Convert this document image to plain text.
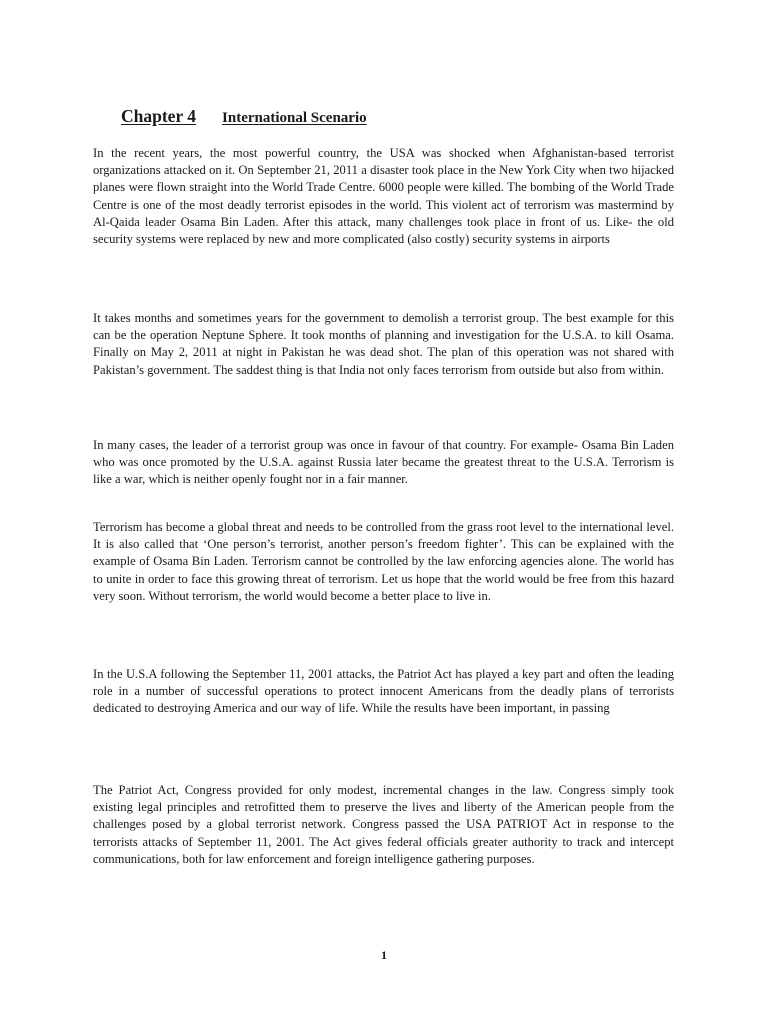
Chapter 4 International Scenario

In the recent years, the most powerful country, the USA was shocked when Afghanistan-based terrorist organizations attacked on it. On September 21, 2011 a disaster took place in the New York City when two hijacked planes were flown straight into the World Trade Centre. 6000 people were killed. The bombing of the World Trade Centre is one of the most deadly terrorist episodes in the world. This violent act of terrorism was mastermind by Al-Qaida leader Osama Bin Laden. After this attack, many challenges took place in front of us. Like- the old security systems were replaced by new and more complicated (also costly) security systems in airports

It takes months and sometimes years for the government to demolish a terrorist group. The best example for this can be the operation Neptune Sphere. It took months of planning and investigation for the U.S.A. to kill Osama. Finally on May 2, 2011 at night in Pakistan he was dead shot. The plan of this operation was not shared with Pakistan’s government. The saddest thing is that India not only faces terrorism from outside but also from within.

In many cases, the leader of a terrorist group was once in favour of that country. For example- Osama Bin Laden who was once promoted by the U.S.A. against Russia later became the greatest threat to the U.S.A. Terrorism is like a war, which is neither openly fought nor in a fair manner.

Terrorism has become a global threat and needs to be controlled from the grass root level to the international level. It is also called that ‘One person’s terrorist, another person’s freedom fighter’. This can be explained with the example of Osama Bin Laden. Terrorism cannot be controlled by the law enforcing agencies alone. The world has to unite in order to face this growing threat of terrorism. Let us hope that the world would be free from this hazard very soon. Without terrorism, the world would become a better place to live in.

In the U.S.A following the September 11, 2001 attacks, the Patriot Act has played a key part and often the leading role in a number of successful operations to protect innocent Americans from the deadly plans of terrorists dedicated to destroying America and our way of life. While the results have been important, in passing

The Patriot Act, Congress provided for only modest, incremental changes in the law. Congress simply took existing legal principles and retrofitted them to preserve the lives and liberty of the American people from the challenges posed by a global terrorist network. Congress passed the USA PATRIOT Act in response to the terrorists attacks of September 11, 2001. The Act gives federal officials greater authority to track and intercept communications, both for law enforcement and foreign intelligence gathering purposes.

1
